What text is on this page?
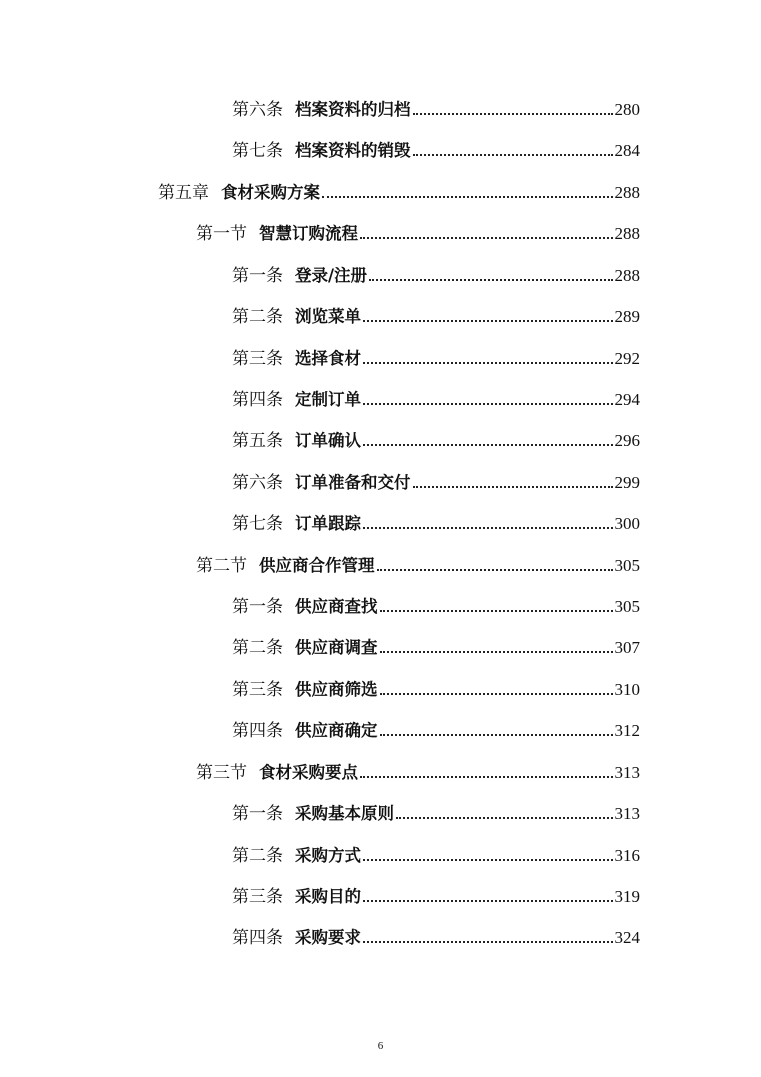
第六条 档案资料的归档	280
第七条 档案资料的销毁	284
第五章 食材采购方案	288
第一节 智慧订购流程	288
第一条 登录/注册	288
第二条 浏览菜单	289
第三条 选择食材	292
第四条 定制订单	294
第五条 订单确认	296
第六条 订单准备和交付	299
第七条 订单跟踪	300
第二节 供应商合作管理	305
第一条 供应商查找	305
第二条 供应商调查	307
第三条 供应商筛选	310
第四条 供应商确定	312
第三节 食材采购要点	313
第一条 采购基本原则	313
第二条 采购方式	316
第三条 采购目的	319
第四条 采购要求	324
6
